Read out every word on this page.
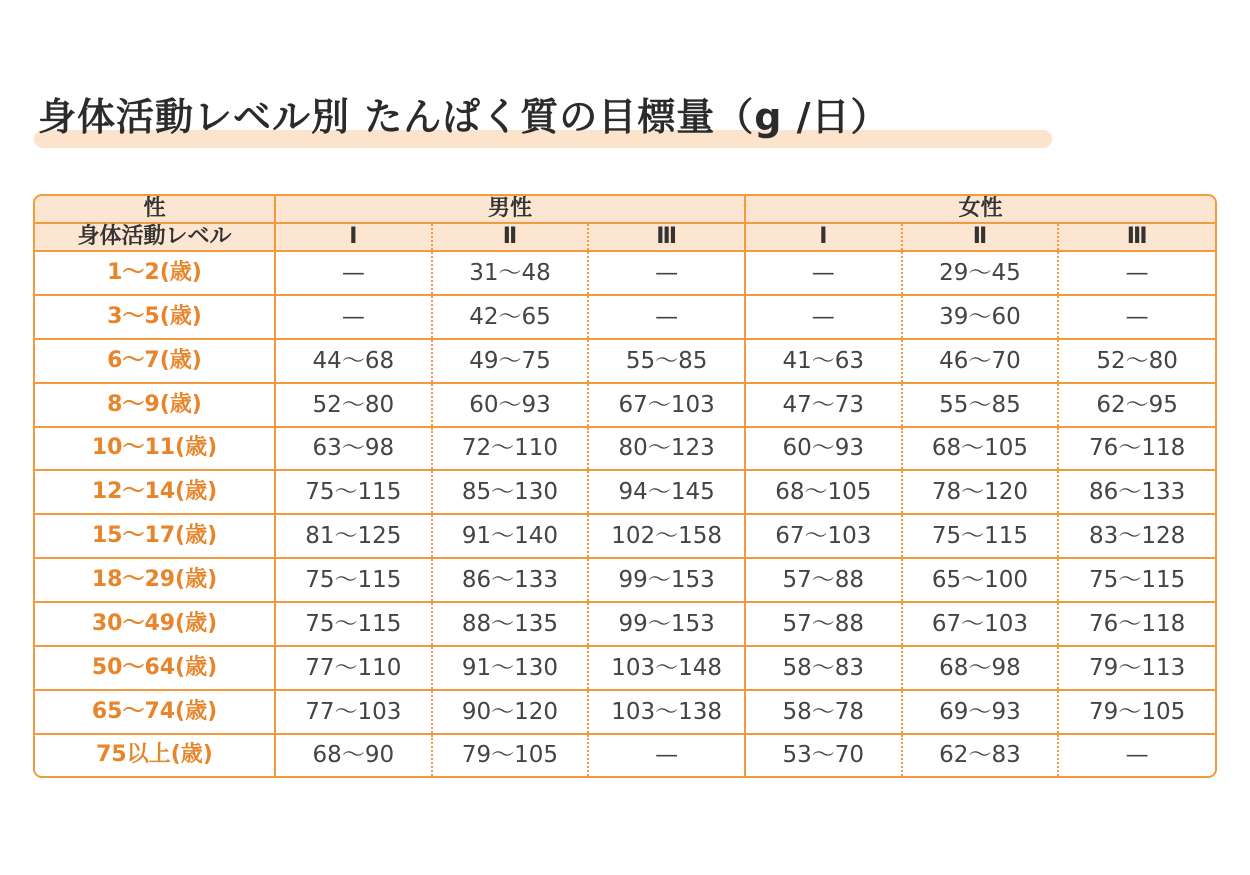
身体活動レベル別 たんぱく質の目標量（g /日）
性	男性			女性		
身体活動レベル	Ⅰ	Ⅱ	Ⅲ	Ⅰ	Ⅱ	Ⅲ
1〜2(歳)	—	31〜48	—	—	29〜45	—
3〜5(歳)	—	42〜65	—	—	39〜60	—
6〜7(歳)	44〜68	49〜75	55〜85	41〜63	46〜70	52〜80
8〜9(歳)	52〜80	60〜93	67〜103	47〜73	55〜85	62〜95
10〜11(歳)	63〜98	72〜110	80〜123	60〜93	68〜105	76〜118
12〜14(歳)	75〜115	85〜130	94〜145	68〜105	78〜120	86〜133
15〜17(歳)	81〜125	91〜140	102〜158	67〜103	75〜115	83〜128
18〜29(歳)	75〜115	86〜133	99〜153	57〜88	65〜100	75〜115
30〜49(歳)	75〜115	88〜135	99〜153	57〜88	67〜103	76〜118
50〜64(歳)	77〜110	91〜130	103〜148	58〜83	68〜98	79〜113
65〜74(歳)	77〜103	90〜120	103〜138	58〜78	69〜93	79〜105
75以上(歳)	68〜90	79〜105	—	53〜70	62〜83	—
